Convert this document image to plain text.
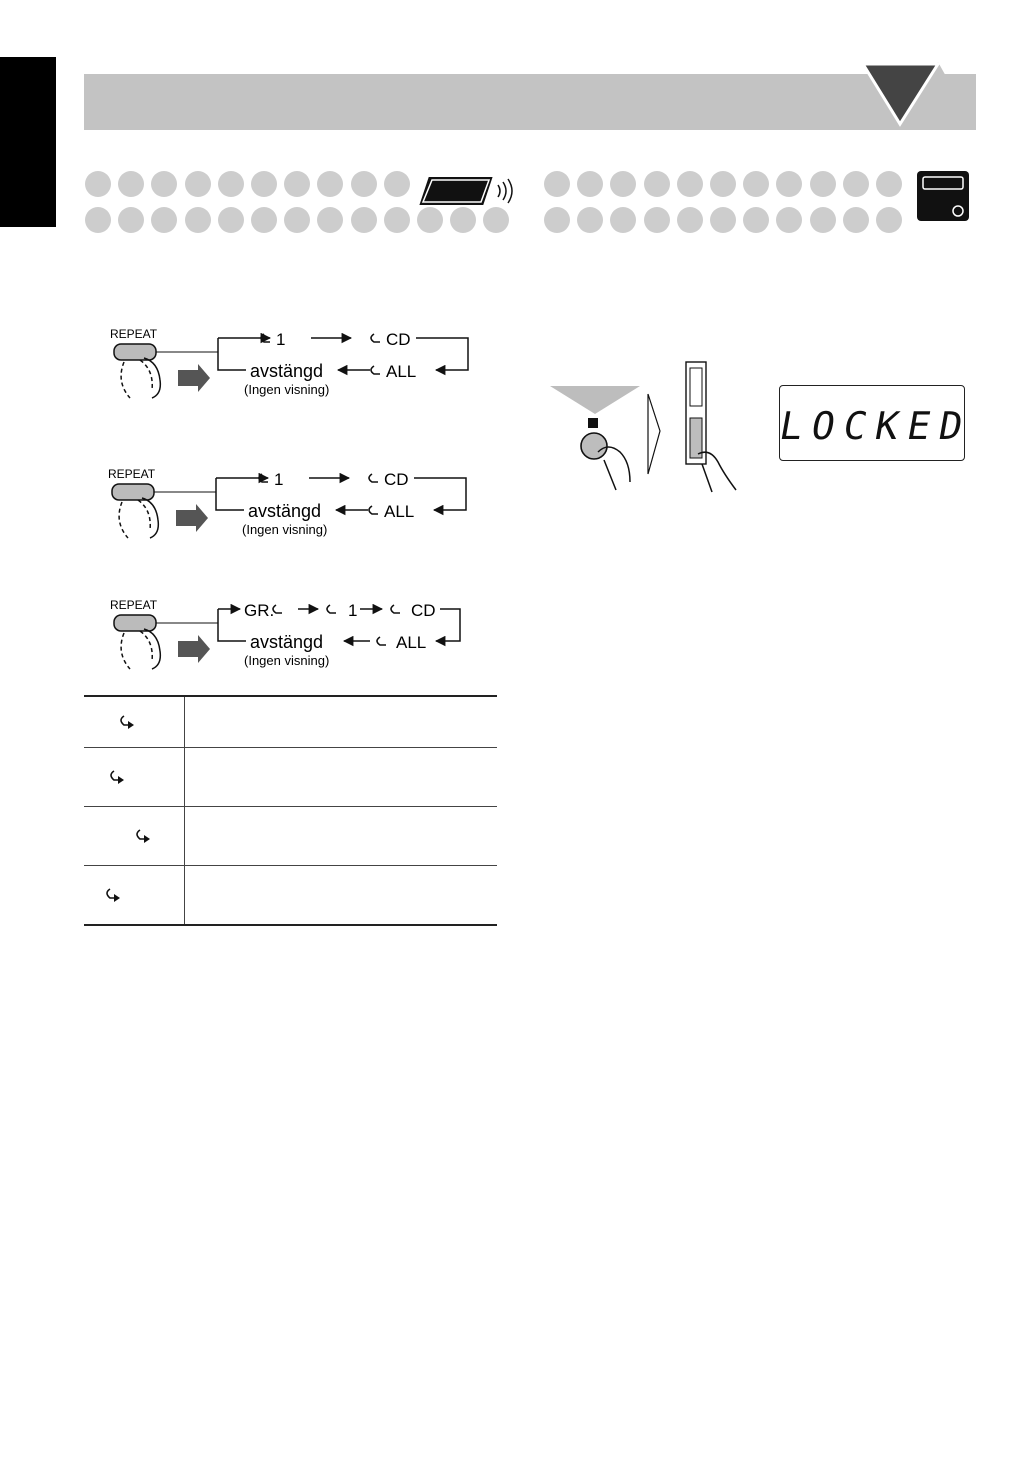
REPEAT	1	CD
ALL
avstängd
(Ingen visning)
REPEAT	1	CD
ALL
avstängd
(Ingen visning)
REPEAT	GR.	1	CD
ALL
avstängd
(Ingen visning)

LOCKED
